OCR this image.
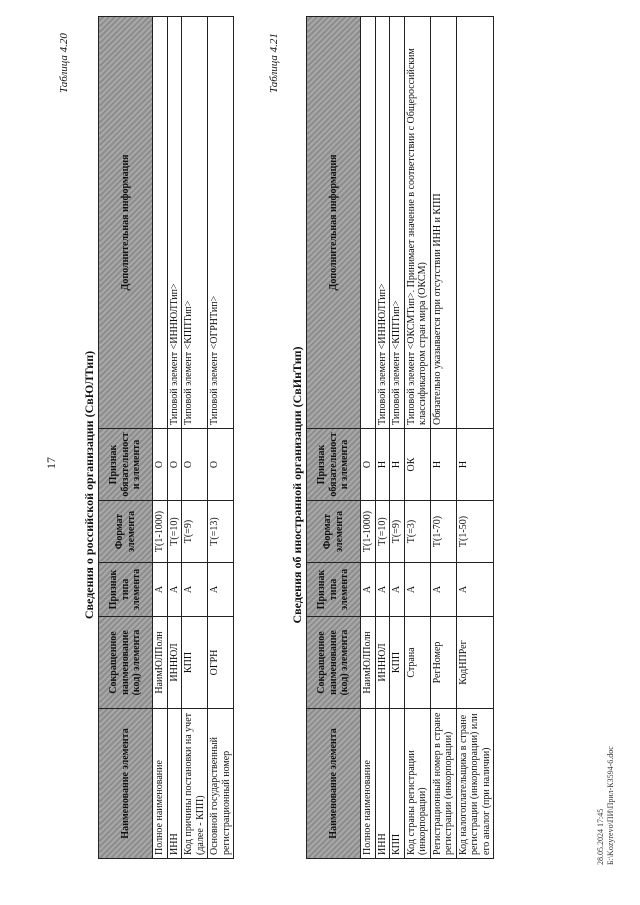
17
Таблица 4.20
Сведения о российской организации (СвЮЛТип)
Наименование элемента	Сокращенное наименование (код) элемента	Признак типа элемента	Формат элемента	Признак обязательности элемента	Дополнительная информация
Полное наименование	НаимЮЛПолн	А	T(1-1000)	О	
ИНН	ИННЮЛ	А	T(=10)	О	Типовой элемент <ИННЮЛТип>
Код причины постановки на учет (далее - КПП)	КПП	А	T(=9)	О	Типовой элемент <КППТип>
Основной государственный регистрационный номер	ОГРН	А	T(=13)	О	Типовой элемент <ОГРНТип>
Таблица 4.21
Сведения об иностранной организации (СвИнТип)
Наименование элемента	Сокращенное наименование (код) элемента	Признак типа элемента	Формат элемента	Признак обязательности элемента	Дополнительная информация
Полное наименование	НаимЮЛПолн	А	T(1-1000)	О	
ИНН	ИННЮЛ	А	T(=10)	Н	Типовой элемент <ИННЮЛТип>
КПП	КПП	А	T(=9)	Н	Типовой элемент <КППТип>
Код страны регистрации (инкорпорации)	Страна	А	T(=3)	ОК	Типовой элемент <ОКСМТип>. Принимает значение в соответствии с Общероссийским классификатором стран мира (ОКСМ)
Регистрационный номер в стране регистрации (инкорпорации)	РегНомер	А	T(1-70)	Н	Обязательно указывается при отсутствии ИНН и КПП
Код налогоплательщика в стране регистрации (инкорпорации) или его аналог (при наличии)	КодНПРег	А	T(1-50)	Н	
28.05.2024 17:45 Б:\Kozyrevo\ПИ\Прил-КЗ594-6.doc
